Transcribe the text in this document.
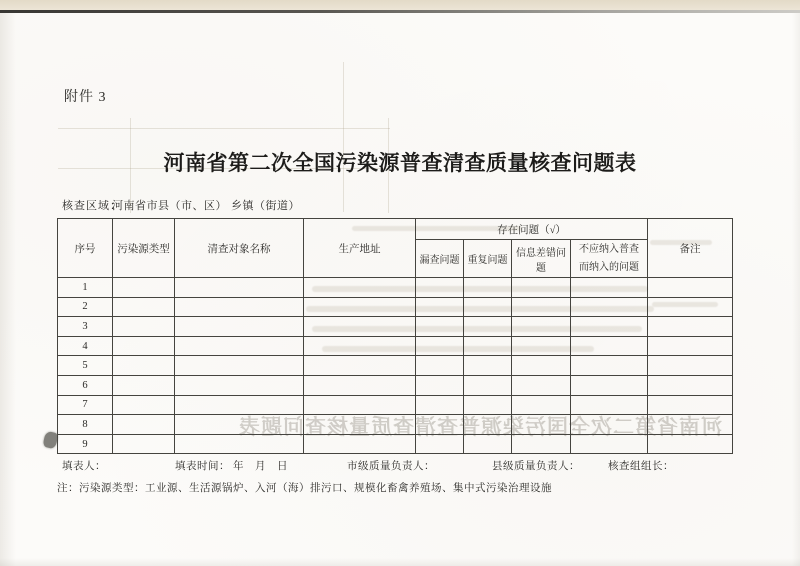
河南省第二次全国污染源普查清查质量核查问题表
附件 3
河南省第二次全国污染源普查清查质量核查问题表
核查区域：
河南省市县（市、区） 乡镇（街道）
序号	污染源类型	清查对象名称	生产地址	存在问题（√）				备注
				漏查问题	重复问题	信息差错问题	不应纳入普查而纳入的问题	
1								
2								
3								
4								
5								
6								
7								
8								
9								
填表人：	填表时间： 年　月　日	市级质量负责人：	县级质量负责人：	核查组组长：
注：污染源类型：工业源、生活源锅炉、入河（海）排污口、规模化畜禽养殖场、集中式污染治理设施
